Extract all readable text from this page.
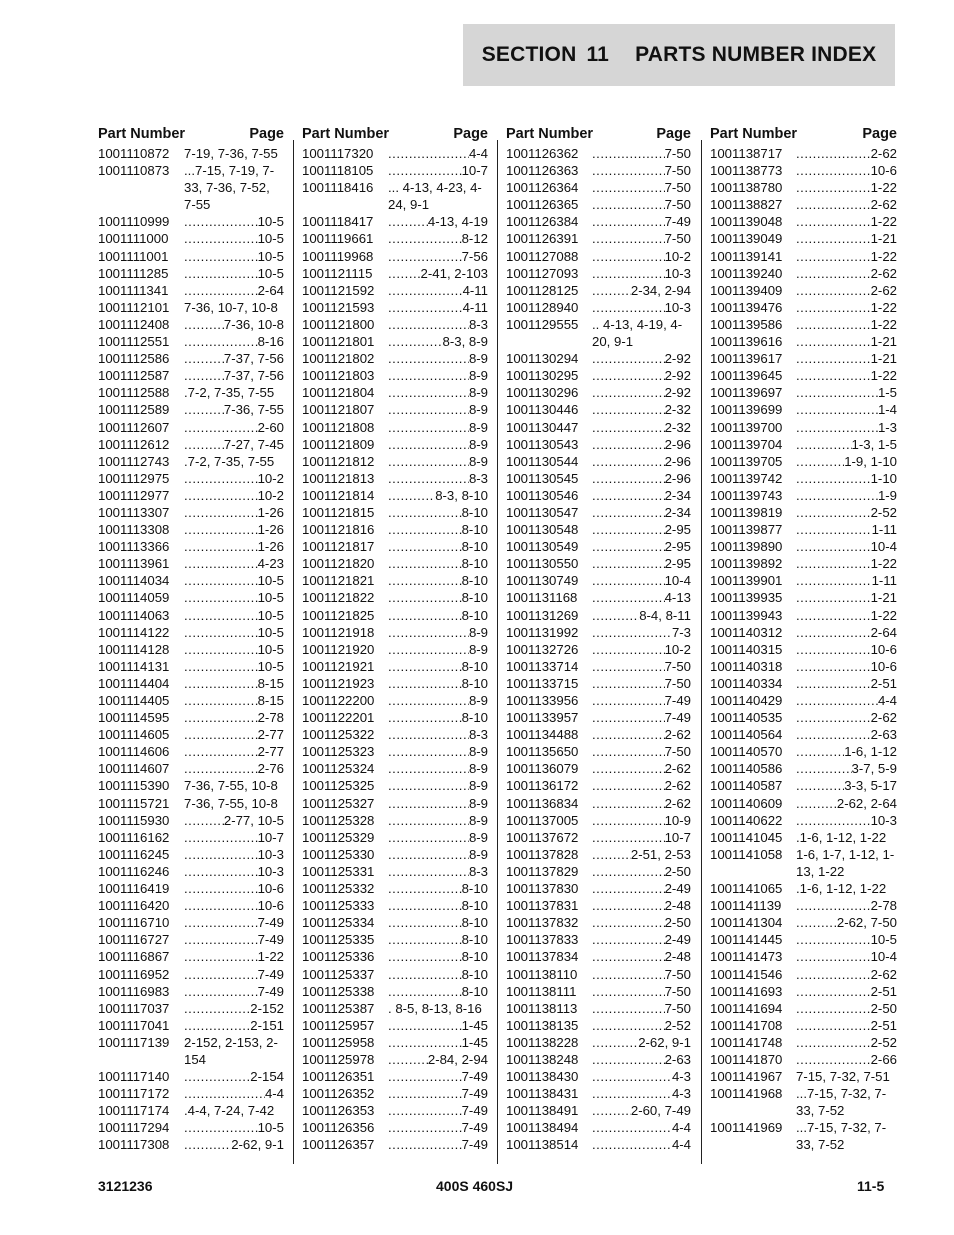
SECTION 11 PARTS NUMBER INDEX
Part Number	Page
1001110872	7-19, 7-36, 7-55
1001110873	...7-15, 7-19, 7-33, 7-36, 7-52, 7-55
1001110999 .....	10-5
1001111000 .....	10-5
1001111001 .....	10-5
1001111285 .....	10-5
1001111341 .....	2-64
1001112101	7-36, 10-7, 10-8
1001112408 .....	7-36, 10-8
1001112551 .....	8-16
1001112586 .....	7-37, 7-56
1001112587 .....	7-37, 7-56
1001112588	.7-2, 7-35, 7-55
1001112589 .....	7-36, 7-55
1001112607 .....	2-60
1001112612 .....	7-27, 7-45
1001112743	.7-2, 7-35, 7-55
1001112975 .....	10-2
1001112977 .....	10-2
1001113307 .....	1-26
1001113308 .....	1-26
1001113366 .....	1-26
1001113961 .....	4-23
1001114034 .....	10-5
1001114059 .....	10-5
1001114063 .....	10-5
1001114122 .....	10-5
1001114128 .....	10-5
1001114131 .....	10-5
1001114404 .....	8-15
1001114405 .....	8-15
1001114595 .....	2-78
1001114605 .....	2-77
1001114606 .....	2-77
1001114607 .....	2-76
1001115390	7-36, 7-55, 10-8
1001115721	7-36, 7-55, 10-8
1001115930 .....	2-77, 10-5
1001116162 .....	10-7
1001116245 .....	10-3
1001116246 .....	10-3
1001116419 .....	10-6
1001116420 .....	10-6
1001116710 .....	7-49
1001116727 .....	7-49
1001116867 .....	1-22
1001116952 .....	7-49
1001116983 .....	7-49
1001117037 .....	2-152
1001117041 .....	2-151
1001117139	2-152, 2-153, 2-154
1001117140 .....	2-154
1001117172 .....	4-4
1001117174	.4-4, 7-24, 7-42
1001117294 .....	10-5
1001117308 .....	2-62, 9-1
Part Number	Page
1001117320 .....	4-4
1001118105 .....	10-7
1001118416	... 4-13, 4-23, 4-24, 9-1
1001118417 .....	4-13, 4-19
1001119661 .....	8-12
1001119968 .....	7-56
1001121115 .....	2-41, 2-103
1001121592 .....	4-11
1001121593 .....	4-11
1001121800 .....	8-3
1001121801 .....	8-3, 8-9
1001121802 .....	8-9
1001121803 .....	8-9
1001121804 .....	8-9
1001121807 .....	8-9
1001121808 .....	8-9
1001121809 .....	8-9
1001121812 .....	8-9
1001121813 .....	8-3
1001121814 .....	8-3, 8-10
1001121815 .....	8-10
1001121816 .....	8-10
1001121817 .....	8-10
1001121820 .....	8-10
1001121821 .....	8-10
1001121822 .....	8-10
1001121825 .....	8-10
1001121918 .....	8-9
1001121920 .....	8-9
1001121921 .....	8-10
1001121923 .....	8-10
1001122200 .....	8-9
1001122201 .....	8-10
1001125322 .....	8-3
1001125323 .....	8-9
1001125324 .....	8-9
1001125325 .....	8-9
1001125327 .....	8-9
1001125328 .....	8-9
1001125329 .....	8-9
1001125330 .....	8-9
1001125331 .....	8-3
1001125332 .....	8-10
1001125333 .....	8-10
1001125334 .....	8-10
1001125335 .....	8-10
1001125336 .....	8-10
1001125337 .....	8-10
1001125338 .....	8-10
1001125387	. 8-5, 8-13, 8-16
1001125957 .....	1-45
1001125958 .....	1-45
1001125978 .....	2-84, 2-94
1001126351 .....	7-49
1001126352 .....	7-49
1001126353 .....	7-49
1001126356 .....	7-49
1001126357 .....	7-49
Part Number	Page
1001126362 .....	7-50
1001126363 .....	7-50
1001126364 .....	7-50
1001126365 .....	7-50
1001126384 .....	7-49
1001126391 .....	7-50
1001127088 .....	10-2
1001127093 .....	10-3
1001128125 .....	2-34, 2-94
1001128940 .....	10-3
1001129555	.. 4-13, 4-19, 4-20, 9-1
1001130294 .....	2-92
1001130295 .....	2-92
1001130296 .....	2-92
1001130446 .....	2-32
1001130447 .....	2-32
1001130543 .....	2-96
1001130544 .....	2-96
1001130545 .....	2-96
1001130546 .....	2-34
1001130547 .....	2-34
1001130548 .....	2-95
1001130549 .....	2-95
1001130550 .....	2-95
1001130749 .....	10-4
1001131168 .....	4-13
1001131269 .....	8-4, 8-11
1001131992 .....	7-3
1001132726 .....	10-2
1001133714 .....	7-50
1001133715 .....	7-50
1001133956 .....	7-49
1001133957 .....	7-49
1001134488 .....	2-62
1001135650 .....	7-50
1001136079 .....	2-62
1001136172 .....	2-62
1001136834 .....	2-62
1001137005 .....	10-9
1001137672 .....	10-7
1001137828 .....	2-51, 2-53
1001137829 .....	2-50
1001137830 .....	2-49
1001137831 .....	2-48
1001137832 .....	2-50
1001137833 .....	2-49
1001137834 .....	2-48
1001138110 .....	7-50
1001138111 .....	7-50
1001138113 .....	7-50
1001138135 .....	2-52
1001138228 .....	2-62, 9-1
1001138248 .....	2-63
1001138430 .....	4-3
1001138431 .....	4-3
1001138491 .....	2-60, 7-49
1001138494 .....	4-4
1001138514 .....	4-4
Part Number	Page
1001138717 .....	2-62
1001138773 .....	10-6
1001138780 .....	1-22
1001138827 .....	2-62
1001139048 .....	1-22
1001139049 .....	1-21
1001139141 .....	1-22
1001139240 .....	2-62
1001139409 .....	2-62
1001139476 .....	1-22
1001139586 .....	1-22
1001139616 .....	1-21
1001139617 .....	1-21
1001139645 .....	1-22
1001139697 .....	1-5
1001139699 .....	1-4
1001139700 .....	1-3
1001139704 .....	1-3, 1-5
1001139705 .....	1-9, 1-10
1001139742 .....	1-10
1001139743 .....	1-9
1001139819 .....	2-52
1001139877 .....	1-11
1001139890 .....	10-4
1001139892 .....	1-22
1001139901 .....	1-11
1001139935 .....	1-21
1001139943 .....	1-22
1001140312 .....	2-64
1001140315 .....	10-6
1001140318 .....	10-6
1001140334 .....	2-51
1001140429 .....	4-4
1001140535 .....	2-62
1001140564 .....	2-63
1001140570 .....	1-6, 1-12
1001140586 .....	3-7, 5-9
1001140587 .....	3-3, 5-17
1001140609 .....	2-62, 2-64
1001140622 .....	10-3
1001141045	.1-6, 1-12, 1-22
1001141058	1-6, 1-7, 1-12, 1-13, 1-22
1001141065	.1-6, 1-12, 1-22
1001141139 .....	2-78
1001141304 .....	2-62, 7-50
1001141445 .....	10-5
1001141473 .....	10-4
1001141546 .....	2-62
1001141693 .....	2-51
1001141694 .....	2-50
1001141708 .....	2-51
1001141748 .....	2-52
1001141870 .....	2-66
1001141967	7-15, 7-32, 7-51
1001141968	...7-15, 7-32, 7-33, 7-52
1001141969	...7-15, 7-32, 7-33, 7-52
3121236	400S 460SJ	11-5
